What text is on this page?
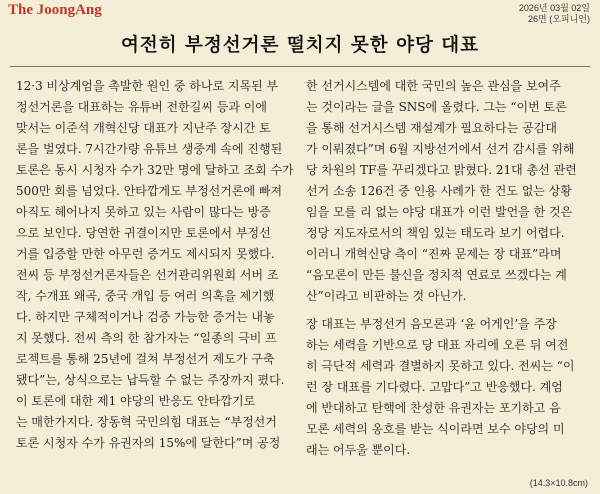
The JoongAng	2026년 03월 02일
26면 (오피니언)
여전히 부정선거론 떨치지 못한 야당 대표
12·3 비상계엄을 촉발한 원인 중 하나로 지목된 부
정선거론을 대표하는 유튜버 전한길씨 등과 이에
맞서는 이준석 개혁신당 대표가 지난주 장시간 토
론을 벌였다. 7시간가량 유튜브 생중계 속에 진행된
토론은 동시 시청자 수가 32만 명에 달하고 조회 수가
500만 회를 넘었다. 안타깝게도 부정선거론에 빠져
아직도 헤어나지 못하고 있는 사람이 많다는 방증
으로 보인다. 당연한 귀결이지만 토론에서 부정선
거를 입증할 만한 아무런 증거도 제시되지 못했다.
전씨 등 부정선거론자들은 선거관리위원회 서버 조
작, 수개표 왜곡, 중국 개입 등 여러 의혹을 제기했
다. 하지만 구체적이거나 검증 가능한 증거는 내놓
지 못했다. 전씨 측의 한 참가자는 “일종의 극비 프
로젝트를 통해 25년에 걸쳐 부정선거 제도가 구축
됐다”는, 상식으로는 납득할 수 없는 주장까지 폈다.
이 토론에 대한 제1 야당의 반응도 안타깝기로
는 매한가지다. 장동혁 국민의힘 대표는 “부정선거
토론 시청자 수가 유권자의 15%에 달한다”며 공정
한 선거시스템에 대한 국민의 높은 관심을 보여주
는 것이라는 글을 SNS에 올렸다. 그는 “이번 토론
을 통해 선거시스템 재설계가 필요하다는 공감대
가 이뤄졌다”며 6월 지방선거에서 선거 감시를 위해
당 차원의 TF를 꾸리겠다고 밝혔다. 21대 총선 관련
선거 소송 126건 중 인용 사례가 한 건도 없는 상황
임을 모를 리 없는 야당 대표가 이런 발언을 한 것은
정당 지도자로서의 책임 있는 태도라 보기 어렵다.
이러니 개혁신당 측이 “진짜 문제는 장 대표”라며
“음모론이 만든 불신을 정치적 연료로 쓰겠다는 계
산”이라고 비판하는 것 아닌가.
장 대표는 부정선거 음모론과 ‘윤 어게인’을 주장
하는 세력을 기반으로 당 대표 자리에 오른 뒤 여전
히 극단적 세력과 결별하지 못하고 있다. 전씨는 “이
런 장 대표를 기다렸다. 고맙다”고 반응했다. 계엄
에 반대하고 탄핵에 찬성한 유권자는 포기하고 음
모론 세력의 옹호를 받는 식이라면 보수 야당의 미
래는 어두울 뿐이다.
(14.3×10.8cm)
